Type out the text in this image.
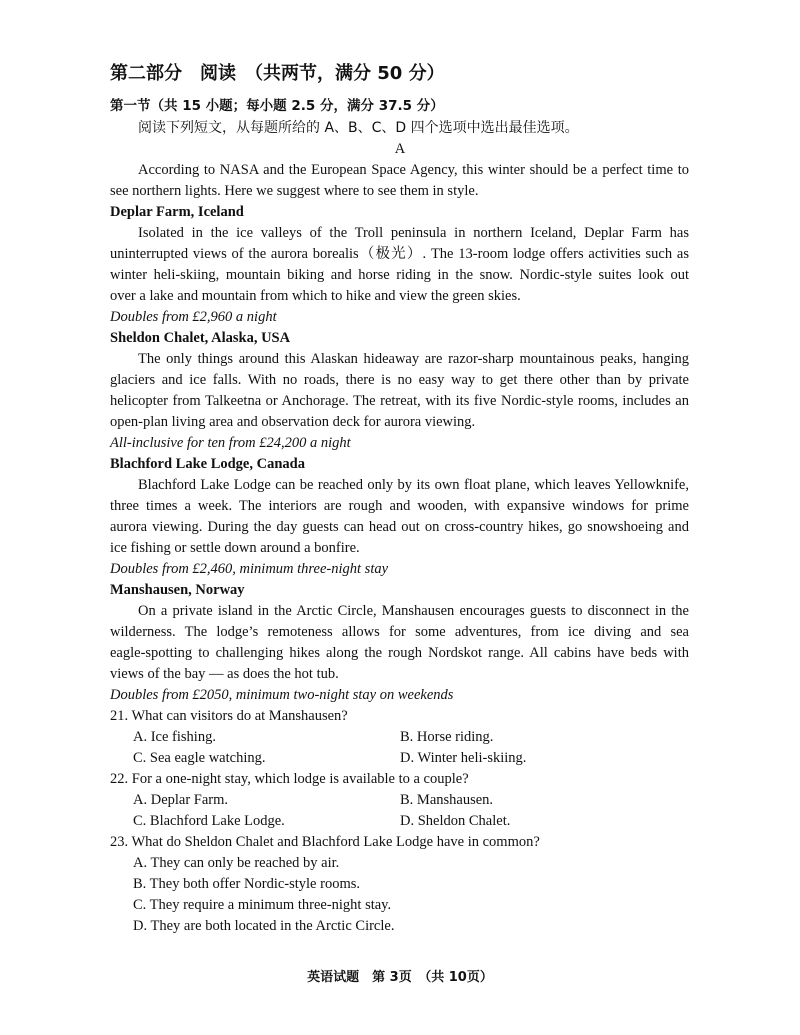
第二部分　阅读　（共两节，满分 50 分）
第一节（共 15 小题；每小题 2.5 分，满分 37.5 分）
阅读下列短文，从每题所给的 A、B、C、D 四个选项中选出最佳选项。
A
According to NASA and the European Space Agency, this winter should be a perfect time to
see northern lights. Here we suggest where to see them in style.
Deplar Farm, Iceland
Isolated in the ice valleys of the Troll peninsula in northern Iceland, Deplar Farm has
uninterrupted views of the aurora borealis（极光）. The 13-room lodge offers activities such as
winter heli-skiing, mountain biking and horse riding in the snow. Nordic-style suites look out
over a lake and mountain from which to hike and view the green skies.
Doubles from £2,960 a night
Sheldon Chalet, Alaska, USA
The only things around this Alaskan hideaway are razor-sharp mountainous peaks, hanging
glaciers and ice falls. With no roads, there is no easy way to get there other than by private
helicopter from Talkeetna or Anchorage. The retreat, with its five Nordic-style rooms, includes an
open-plan living area and observation deck for aurora viewing.
All-inclusive for ten from £24,200 a night
Blachford Lake Lodge, Canada
Blachford Lake Lodge can be reached only by its own float plane, which leaves Yellowknife,
three times a week. The interiors are rough and wooden, with expansive windows for prime
aurora viewing. During the day guests can head out on cross-country hikes, go snowshoeing and
ice fishing or settle down around a bonfire.
Doubles from £2,460, minimum three-night stay
Manshausen, Norway
On a private island in the Arctic Circle, Manshausen encourages guests to disconnect in the
wilderness. The lodge’s remoteness allows for some adventures, from ice diving and sea
eagle-spotting to challenging hikes along the rough Nordskot range. All cabins have beds with
views of the bay — as does the hot tub.
Doubles from £2050, minimum two-night stay on weekends
21. What can visitors do at Manshausen?
A. Ice fishing.	B. Horse riding.
C. Sea eagle watching.	D. Winter heli-skiing.
22. For a one-night stay, which lodge is available to a couple?
A. Deplar Farm.	B. Manshausen.
C. Blachford Lake Lodge.	D. Sheldon Chalet.
23. What do Sheldon Chalet and Blachford Lake Lodge have in common?
A. They can only be reached by air.
B. They both offer Nordic-style rooms.
C. They require a minimum three-night stay.
D. They are both located in the Arctic Circle.
英语试题　第 3页　（共 10页）
